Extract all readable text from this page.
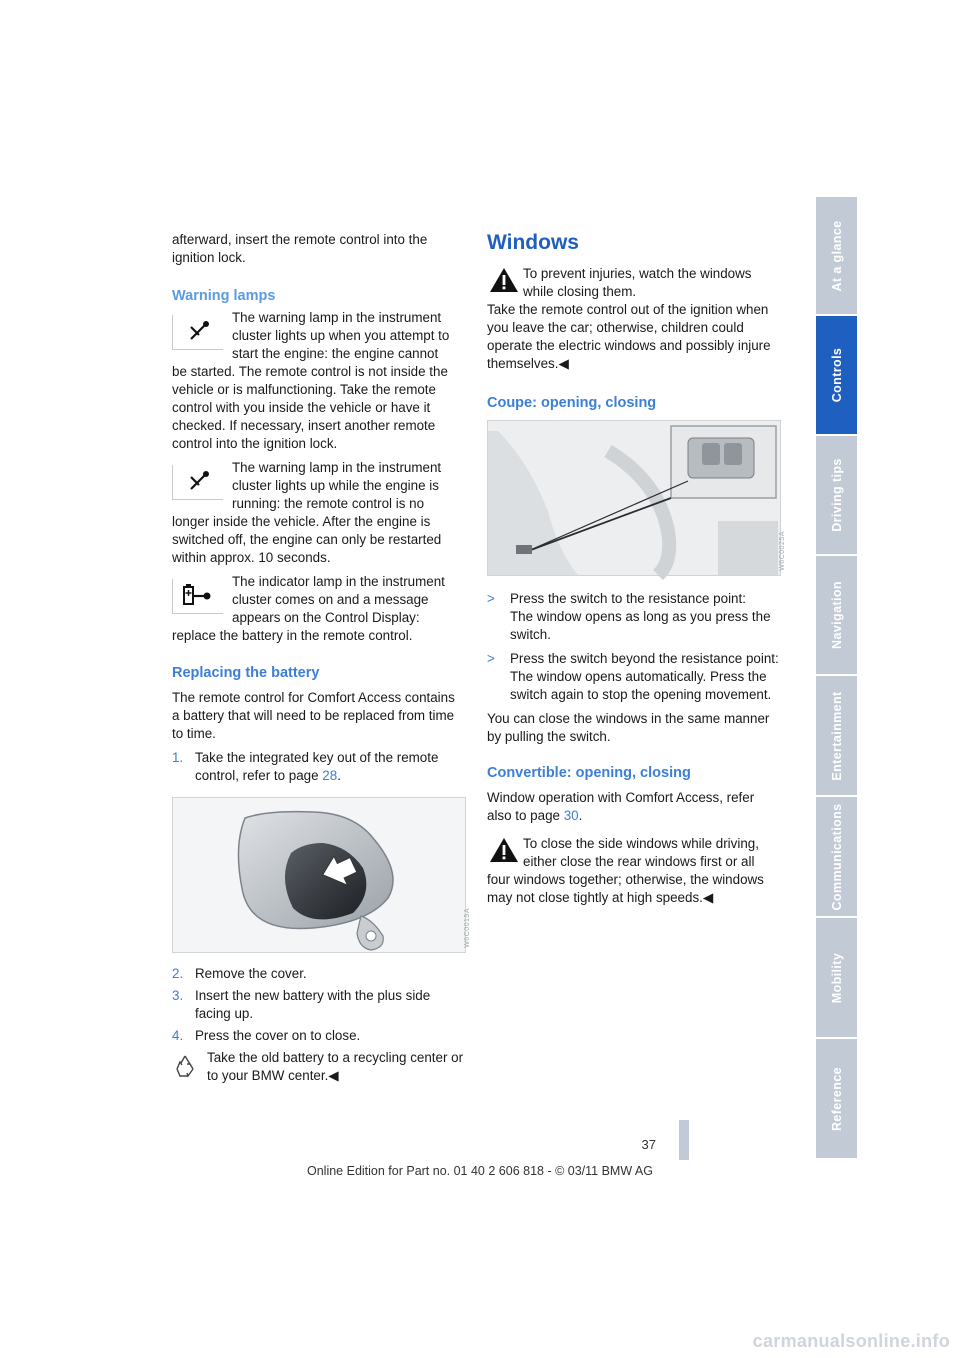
afterward, insert the remote control into the ignition lock.

Warning lamps

The warning lamp in the instrument cluster lights up when you attempt to start the engine: the engine cannot

be started. The remote control is not inside the vehicle or is malfunctioning. Take the remote control with you inside the vehicle or have it checked. If necessary, insert another remote control into the ignition lock.

The warning lamp in the instrument cluster lights up while the engine is running: the remote control is no

longer inside the vehicle. After the engine is switched off, the engine can only be restarted within approx. 10 seconds.

The indicator lamp in the instrument cluster comes on and a message appears on the Control Display:

replace the battery in the remote control.

Replacing the battery

The remote control for Comfort Access contains a battery that will need to be replaced from time to time.

1. Take the integrated key out of the remote control, refer to page 28.
W6C0015A
2. Remove the cover.
3. Insert the new battery with the plus side facing up.
4. Press the cover on to close.

Take the old battery to a recycling center or to your BMW center.◀

Windows

To prevent injuries, watch the windows while closing them.

Take the remote control out of the ignition when you leave the car; otherwise, children could operate the electric windows and possibly injure themselves.◀

Coupe: opening, closing
W6C0025A
>	Press the switch to the resistance point:

The window opens as long as you press the switch.

>	Press the switch beyond the resistance point:

The window opens automatically. Press the switch again to stop the opening movement.

You can close the windows in the same manner by pulling the switch.

Convertible: opening, closing

Window operation with Comfort Access, refer also to page 30.

To close the side windows while driving, either close the rear windows first or all

four windows together; otherwise, the windows may not close tightly at high speeds.◀

At a glance
Controls
Driving tips
Navigation
Entertainment
Communications
Mobility
Reference
37
Online Edition for Part no. 01 40 2 606 818 - © 03/11 BMW AG
carmanualsonline.info
